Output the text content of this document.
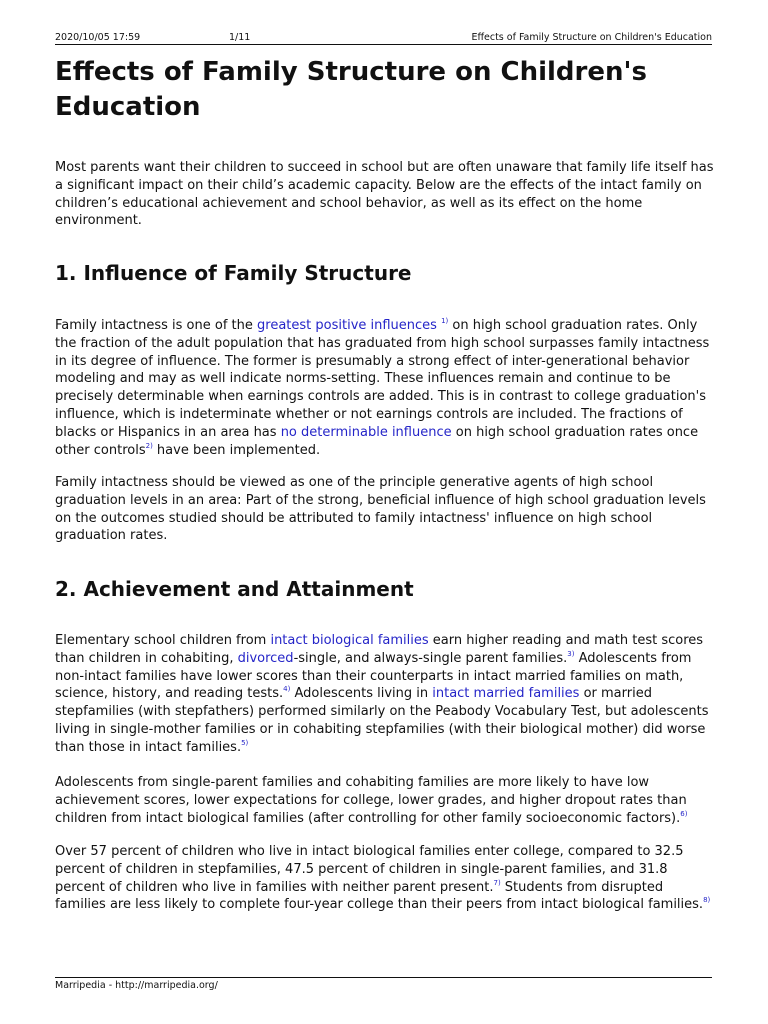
2020/10/05 17:59	1/11	Effects of Family Structure on Children's Education
Effects of Family Structure on Children's Education

Most parents want their children to succeed in school but are often unaware that family life itself has a significant impact on their child’s academic capacity. Below are the effects of the intact family on children’s educational achievement and school behavior, as well as its effect on the home environment.

1. Influence of Family Structure

Family intactness is one of the greatest positive influences $^{1)}$ on high school graduation rates. Only the fraction of the adult population that has graduated from high school surpasses family intactness in its degree of influence. The former is presumably a strong effect of inter-generational behavior modeling and may as well indicate norms-setting. These influences remain and continue to be precisely determinable when earnings controls are added. This is in contrast to college graduation's influence, which is indeterminate whether or not earnings controls are included. The fractions of blacks or Hispanics in an area has no determinable influence on high school graduation rates once other controls$^{2)}$ have been implemented.

Family intactness should be viewed as one of the principle generative agents of high school graduation levels in an area: Part of the strong, beneficial influence of high school graduation levels on the outcomes studied should be attributed to family intactness' influence on high school graduation rates.

2. Achievement and Attainment

Elementary school children from intact biological families earn higher reading and math test scores than children in cohabiting, divorced-single, and always-single parent families.$^{3)}$ Adolescents from non-intact families have lower scores than their counterparts in intact married families on math, science, history, and reading tests.$^{4)}$ Adolescents living in intact married families or married stepfamilies (with stepfathers) performed similarly on the Peabody Vocabulary Test, but adolescents living in single-mother families or in cohabiting stepfamilies (with their biological mother) did worse than those in intact families.$^{5)}$

Adolescents from single-parent families and cohabiting families are more likely to have low achievement scores, lower expectations for college, lower grades, and higher dropout rates than children from intact biological families (after controlling for other family socioeconomic factors).$^{6)}$

Over 57 percent of children who live in intact biological families enter college, compared to 32.5 percent of children in stepfamilies, 47.5 percent of children in single-parent families, and 31.8 percent of children who live in families with neither parent present.$^{7)}$ Students from disrupted families are less likely to complete four-year college than their peers from intact biological families.$^{8)}$

Marripedia - http://marripedia.org/
